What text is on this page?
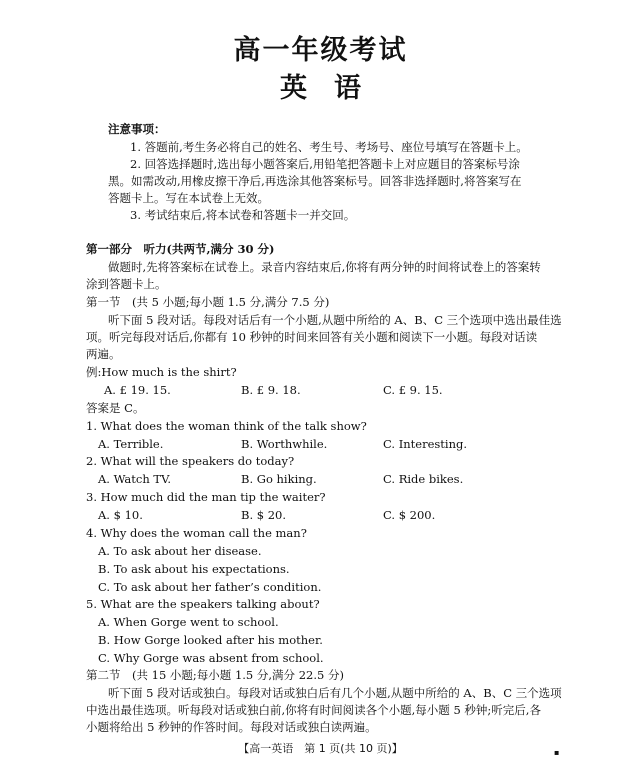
高一年级考试
英　语
注意事项：
1. 答题前,考生务必将自己的姓名、考生号、考场号、座位号填写在答题卡上。
2. 回答选择题时,选出每小题答案后,用铅笔把答题卡上对应题目的答案标号涂
黑。如需改动,用橡皮擦干净后,再选涂其他答案标号。回答非选择题时,将答案写在
答题卡上。写在本试卷上无效。
3. 考试结束后,将本试卷和答题卡一并交回。
第一部分　听力(共两节,满分 30 分)
做题时,先将答案标在试卷上。录音内容结束后,你将有两分钟的时间将试卷上的答案转
涂到答题卡上。
第一节　(共 5 小题;每小题 1.5 分,满分 7.5 分)
听下面 5 段对话。每段对话后有一个小题,从题中所给的 A、B、C 三个选项中选出最佳选
项。听完每段对话后,你都有 10 秒钟的时间来回答有关小题和阅读下一小题。每段对话读
两遍。
例:How much is the shirt?
A. £ 19. 15.	B. £ 9. 18.	C. £ 9. 15.
答案是 C。
1. What does the woman think of the talk show?
A. Terrible.	B. Worthwhile.	C. Interesting.
2. What will the speakers do today?
A. Watch TV.	B. Go hiking.	C. Ride bikes.
3. How much did the man tip the waiter?
A. $ 10.	B. $ 20.	C. $ 200.
4. Why does the woman call the man?
A. To ask about her disease.
B. To ask about his expectations.
C. To ask about her father’s condition.
5. What are the speakers talking about?
A. When Gorge went to school.
B. How Gorge looked after his mother.
C. Why Gorge was absent from school.
第二节　(共 15 小题;每小题 1.5 分,满分 22.5 分)
听下面 5 段对话或独白。每段对话或独白后有几个小题,从题中所给的 A、B、C 三个选项
中选出最佳选项。听每段对话或独白前,你将有时间阅读各个小题,每小题 5 秒钟;听完后,各
小题将给出 5 秒钟的作答时间。每段对话或独白读两遍。
【高一英语　第 1 页(共 10 页)】	▪
